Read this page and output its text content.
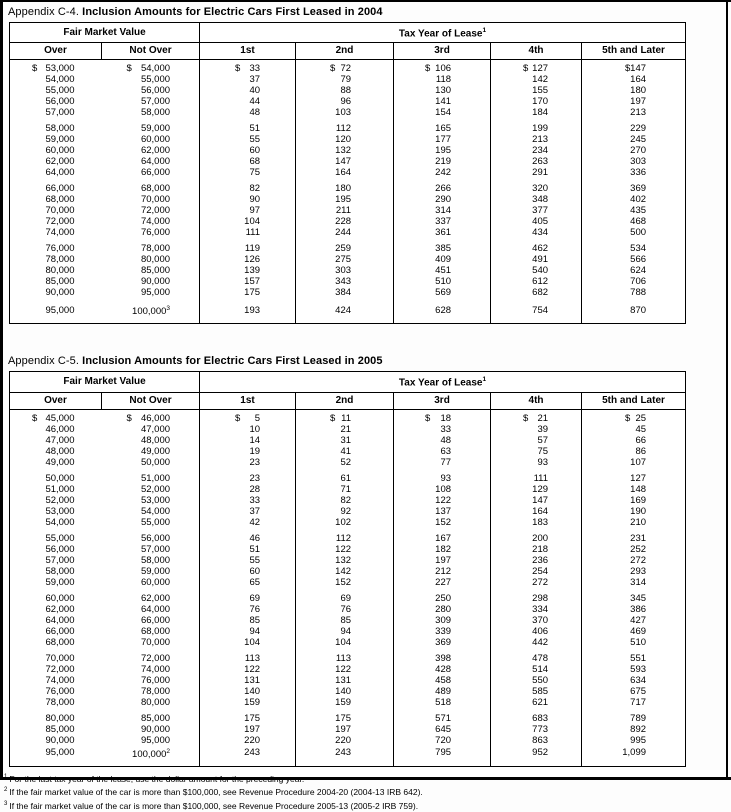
Appendix C-4. Inclusion Amounts for Electric Cars First Leased in 2004
Fair Market Value		Tax Year of Lease$^1$
Over	Not Over	1st	2nd	3rd	4th	5th and Later

$ 53,000	$ 54,000	$ 33	$ 72	$ 106	$ 127	$ 147
54,000	55,000	37	79	118	142	164
55,000	56,000	40	88	130	155	180
56,000	57,000	44	96	141	170	197
57,000	58,000	48	103	154	184	213
58,000	59,000	51	112	165	199	229
59,000	60,000	55	120	177	213	245
60,000	62,000	60	132	195	234	270
62,000	64,000	68	147	219	263	303
64,000	66,000	75	164	242	291	336
66,000	68,000	82	180	266	320	369
68,000	70,000	90	195	290	348	402
70,000	72,000	97	211	314	377	435
72,000	74,000	104	228	337	405	468
74,000	76,000	111	244	361	434	500
76,000	78,000	119	259	385	462	534
78,000	80,000	126	275	409	491	566
80,000	85,000	139	303	451	540	624
85,000	90,000	157	343	510	612	706
90,000	95,000	175	384	569	682	788
95,000	100,000$^3$	193	424	628	754	870
Appendix C-5. Inclusion Amounts for Electric Cars First Leased in 2005
Fair Market Value		Tax Year of Lease$^1$
Over	Not Over	1st	2nd	3rd	4th	5th and Later

$ 45,000	$ 46,000	$ 5	$ 11	$ 18	$ 21	$ 25
46,000	47,000	10	21	33	39	45
47,000	48,000	14	31	48	57	66
48,000	49,000	19	41	63	75	86
49,000	50,000	23	52	77	93	107
50,000	51,000	23	61	93	111	127
51,000	52,000	28	71	108	129	148
52,000	53,000	33	82	122	147	169
53,000	54,000	37	92	137	164	190
54,000	55,000	42	102	152	183	210
55,000	56,000	46	112	167	200	231
56,000	57,000	51	122	182	218	252
57,000	58,000	55	132	197	236	272
58,000	59,000	60	142	212	254	293
59,000	60,000	65	152	227	272	314
60,000	62,000	69	69	250	298	345
62,000	64,000	76	76	280	334	386
64,000	66,000	85	85	309	370	427
66,000	68,000	94	94	339	406	469
68,000	70,000	104	104	369	442	510
70,000	72,000	113	113	398	478	551
72,000	74,000	122	122	428	514	593
74,000	76,000	131	131	458	550	634
76,000	78,000	140	140	489	585	675
78,000	80,000	159	159	518	621	717
80,000	85,000	175	175	571	683	789
85,000	90,000	197	197	645	773	892
90,000	95,000	220	220	720	863	995
95,000	100,000$^2$	243	243	795	952	1,099
$^1$ For the last tax year of the lease, use the dollar amount for the preceding year.
$^2$ If the fair market value of the car is more than $100,000, see Revenue Procedure 2004-20 (2004-13 IRB 642).
$^3$ If the fair market value of the car is more than $100,000, see Revenue Procedure 2005-13 (2005-2 IRB 759).
